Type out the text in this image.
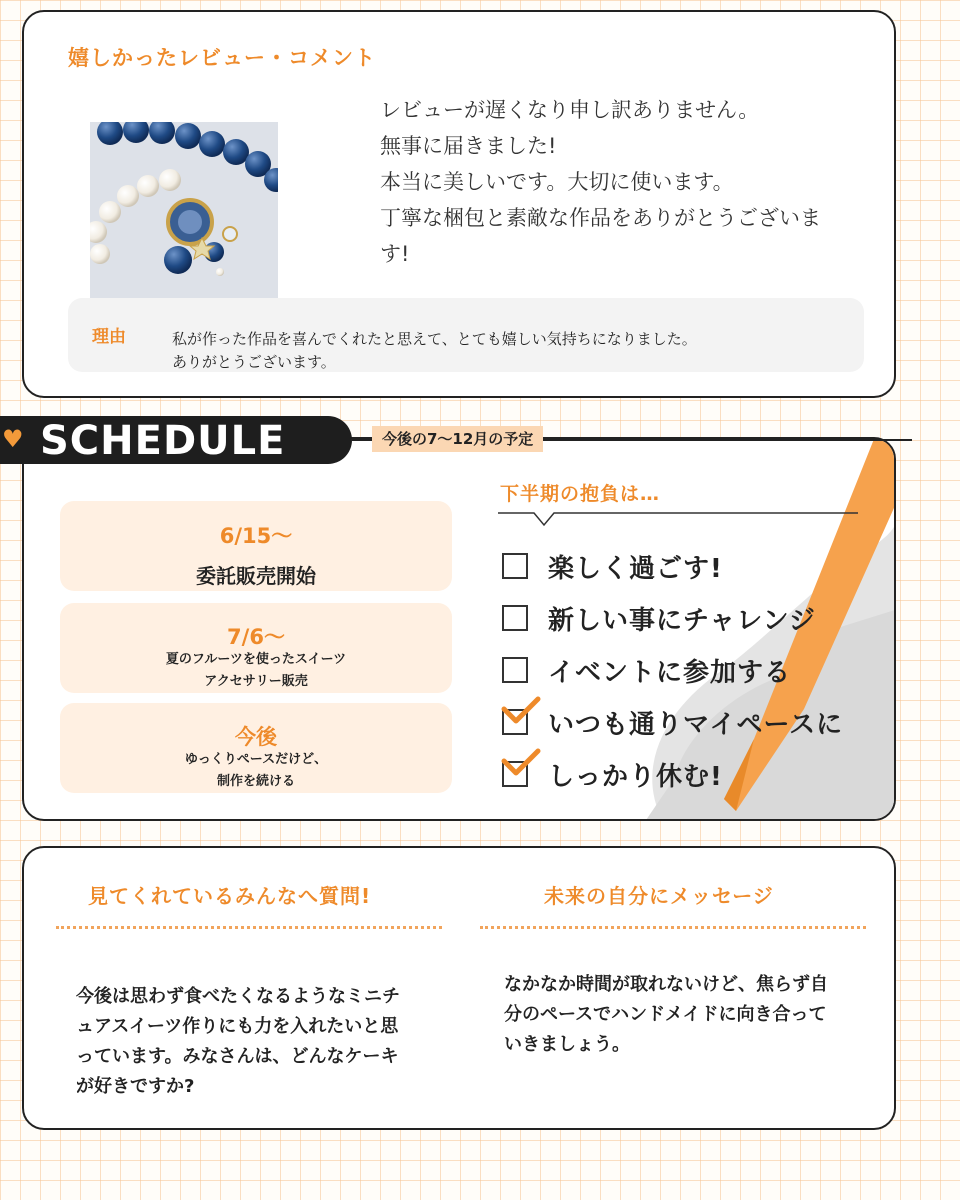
嬉しかったレビュー・コメント
レビューが遅くなり申し訳ありません。
無事に届きました!
本当に美しいです。大切に使います。
丁寧な梱包と素敵な作品をありがとうございま
す!
理由	私が作った作品を喜んでくれたと思えて、とても嬉しい気持ちになりました。
ありがとうございます。
6/15〜
委託販売開始
7/6〜
夏のフルーツを使ったスイーツ
アクセサリー販売
今後
ゆっくりペースだけど、
制作を続ける
下半期の抱負は…
楽しく過ごす!
新しい事にチャレンジ
イベントに参加する
いつも通りマイペースに
しっかり休む!
♥ SCHEDULE	今後の7〜12月の予定
見てくれているみんなへ質問!
今後は思わず食べたくなるようなミニチ
ュアスイーツ作りにも力を入れたいと思
っています。みなさんは、どんなケーキ
が好きですか?
未来の自分にメッセージ
なかなか時間が取れないけど、焦らず自
分のペースでハンドメイドに向き合って
いきましょう。
